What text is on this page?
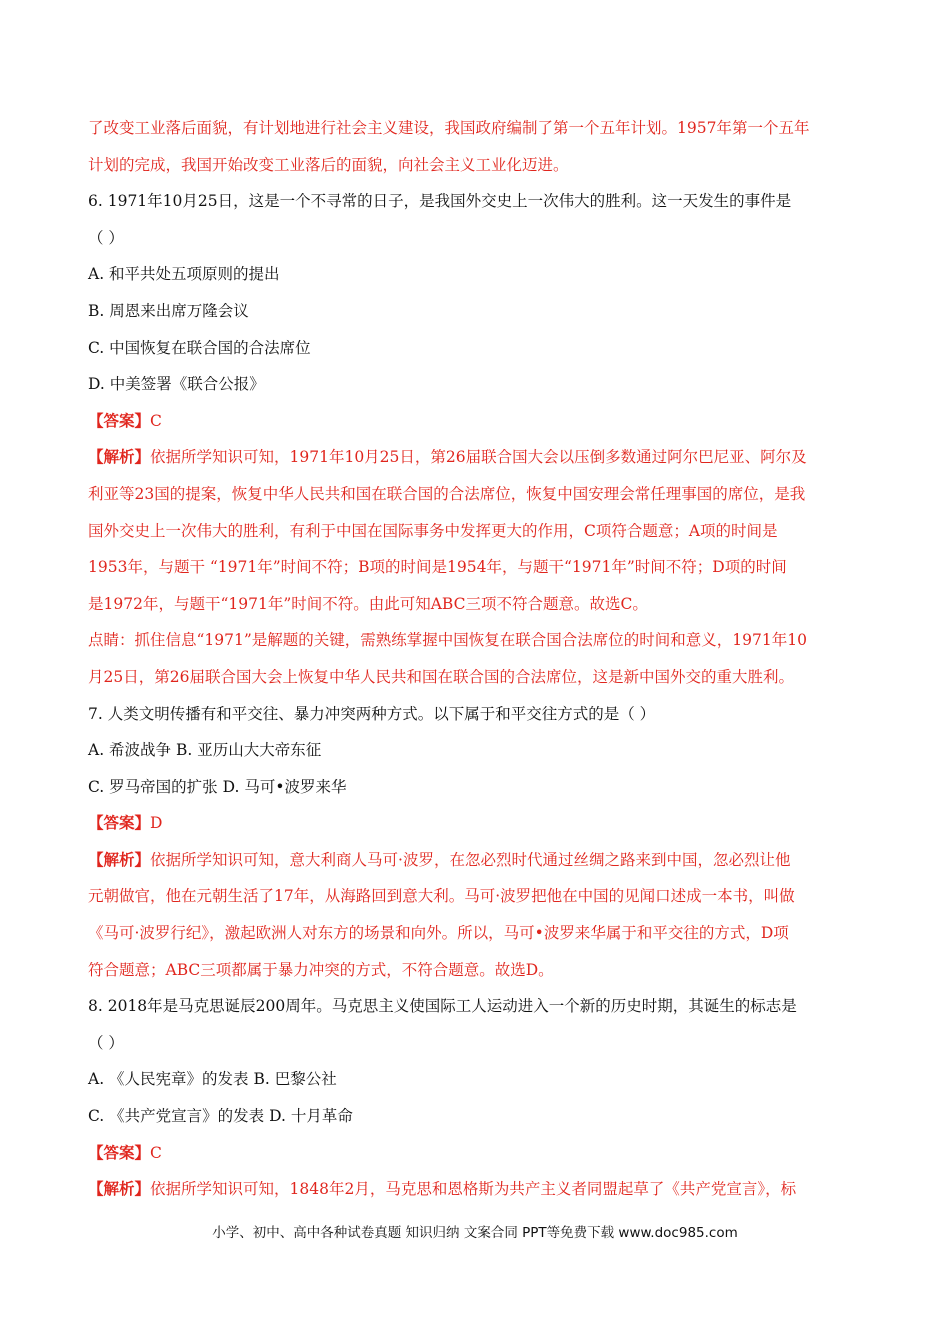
了改变工业落后面貌，有计划地进行社会主义建设，我国政府编制了第一个五年计划。1957年第一个五年
计划的完成，我国开始改变工业落后的面貌，向社会主义工业化迈进。
6. 1971年10月25日，这是一个不寻常的日子，是我国外交史上一次伟大的胜利。这一天发生的事件是
（ ）
A. 和平共处五项原则的提出
B. 周恩来出席万隆会议
C. 中国恢复在联合国的合法席位
D. 中美签署《联合公报》
【答案】C
【解析】依据所学知识可知，1971年10月25日，第26届联合国大会以压倒多数通过阿尔巴尼亚、阿尔及
利亚等23国的提案，恢复中华人民共和国在联合国的合法席位，恢复中国安理会常任理事国的席位，是我
国外交史上一次伟大的胜利，有利于中国在国际事务中发挥更大的作用，C项符合题意；A项的时间是
1953年，与题干 “1971年”时间不符；B项的时间是1954年，与题干“1971年”时间不符；D项的时间
是1972年，与题干“1971年”时间不符。由此可知ABC三项不符合题意。故选C。
点睛：抓住信息“1971”是解题的关键，需熟练掌握中国恢复在联合国合法席位的时间和意义，1971年10
月25日，第26届联合国大会上恢复中华人民共和国在联合国的合法席位，这是新中国外交的重大胜利。
7. 人类文明传播有和平交往、暴力冲突两种方式。以下属于和平交往方式的是（ ）
A. 希波战争 B. 亚历山大大帝东征
C. 罗马帝国的扩张 D. 马可•波罗来华
【答案】D
【解析】依据所学知识可知，意大利商人马可·波罗，在忽必烈时代通过丝绸之路来到中国，忽必烈让他
元朝做官，他在元朝生活了17年，从海路回到意大利。马可·波罗把他在中国的见闻口述成一本书，叫做
《马可·波罗行纪》，激起欧洲人对东方的场景和向外。所以，马可•波罗来华属于和平交往的方式，D项
符合题意；ABC三项都属于暴力冲突的方式，不符合题意。故选D。
8. 2018年是马克思诞辰200周年。马克思主义使国际工人运动进入一个新的历史时期，其诞生的标志是
（ ）
A. 《人民宪章》的发表 B. 巴黎公社
C. 《共产党宣言》的发表 D. 十月革命
【答案】C
【解析】依据所学知识可知，1848年2月，马克思和恩格斯为共产主义者同盟起草了《共产党宣言》，标
小学、初中、高中各种试卷真题 知识归纳 文案合同 PPT等免费下载 www.doc985.com
